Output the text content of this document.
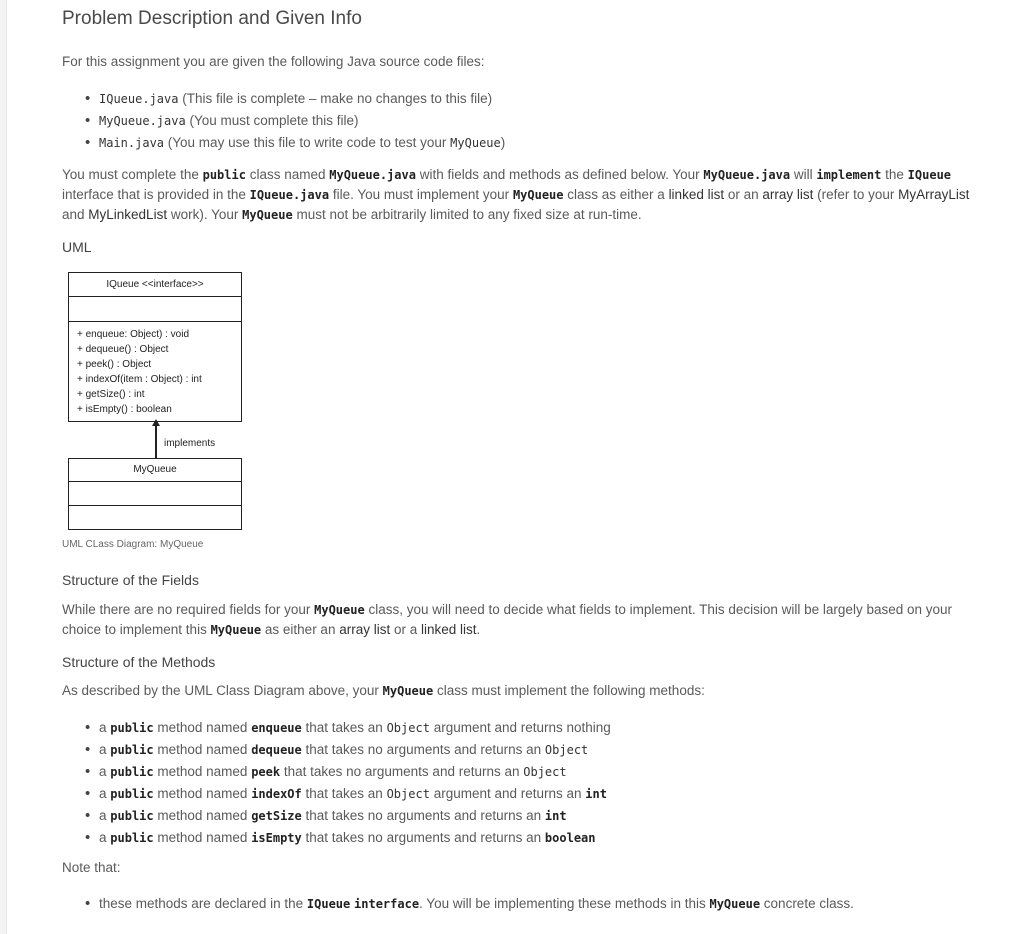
Problem Description and Given Info

For this assignment you are given the following Java source code files:

• IQueue.java (This file is complete – make no changes to this file)
• MyQueue.java (You must complete this file)
• Main.java (You may use this file to write code to test your MyQueue)

You must complete the public class named MyQueue.java with fields and methods as defined below. Your MyQueue.java will implement the IQueue interface that is provided in the IQueue.java file. You must implement your MyQueue class as either a linked list or an array list (refer to your MyArrayList and MyLinkedList work). Your MyQueue must not be arbitrarily limited to any fixed size at run-time.

UML
IQueue <<interface>>
+ enqueue: Object) : void
+ dequeue() : Object
+ peek() : Object
+ indexOf(item : Object) : int
+ getSize() : int
+ isEmpty() : boolean
implements
MyQueue
UML CLass Diagram: MyQueue
Structure of the Fields

While there are no required fields for your MyQueue class, you will need to decide what fields to implement. This decision will be largely based on your choice to implement this MyQueue as either an array list or a linked list.

Structure of the Methods

As described by the UML Class Diagram above, your MyQueue class must implement the following methods:

• a public method named enqueue that takes an Object argument and returns nothing
• a public method named dequeue that takes no arguments and returns an Object
• a public method named peek that takes no arguments and returns an Object
• a public method named indexOf that takes an Object argument and returns an int
• a public method named getSize that takes no arguments and returns an int
• a public method named isEmpty that takes no arguments and returns an boolean

Note that:

• these methods are declared in the IQueue interface. You will be implementing these methods in this MyQueue concrete class.
